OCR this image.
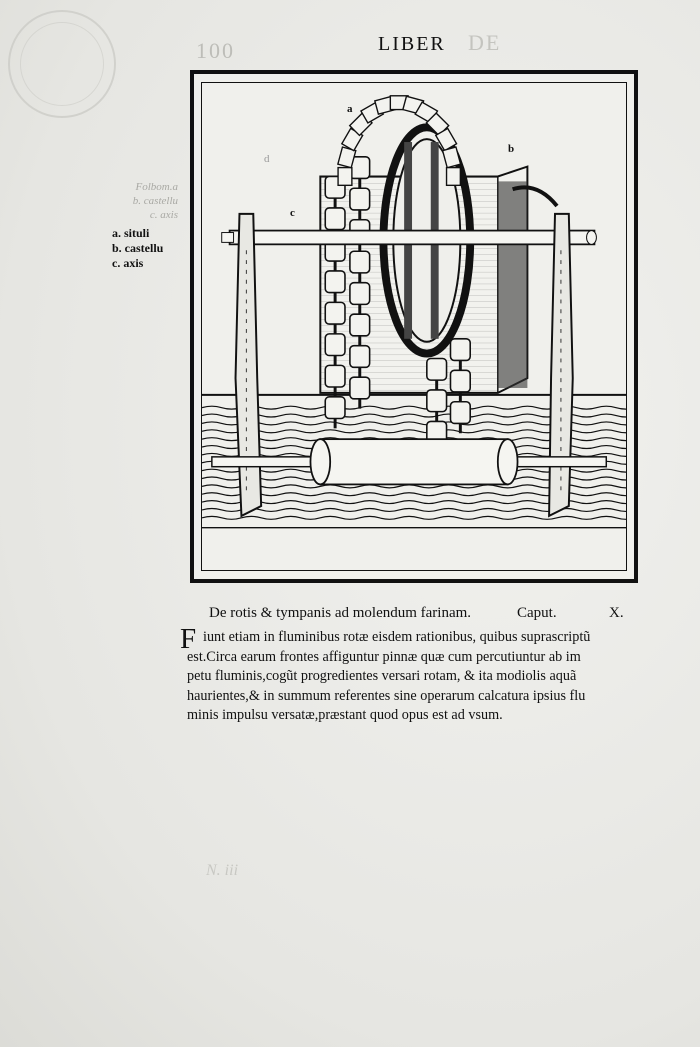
100	DE
LIBER
Folbom.a
b. castellu
c. axis
a. situli
b. castellu
c. axis
a
b
c
d
De rotis & tympanis ad molendum farinam.	Caput.	X.
F iunt etiam in fluminibus rotæ eisdem rationibus, quibus suprascriptũ
est.Circa earum frontes affiguntur pinnæ quæ cum percutiuntur ab im
petu fluminis,cogũt progredientes versari rotam, & ita modiolis aquã
haurientes,& in summum referentes sine operarum calcatura ipsius flu
minis impulsu versatæ,præstant quod opus est ad vsum.
N. iii
